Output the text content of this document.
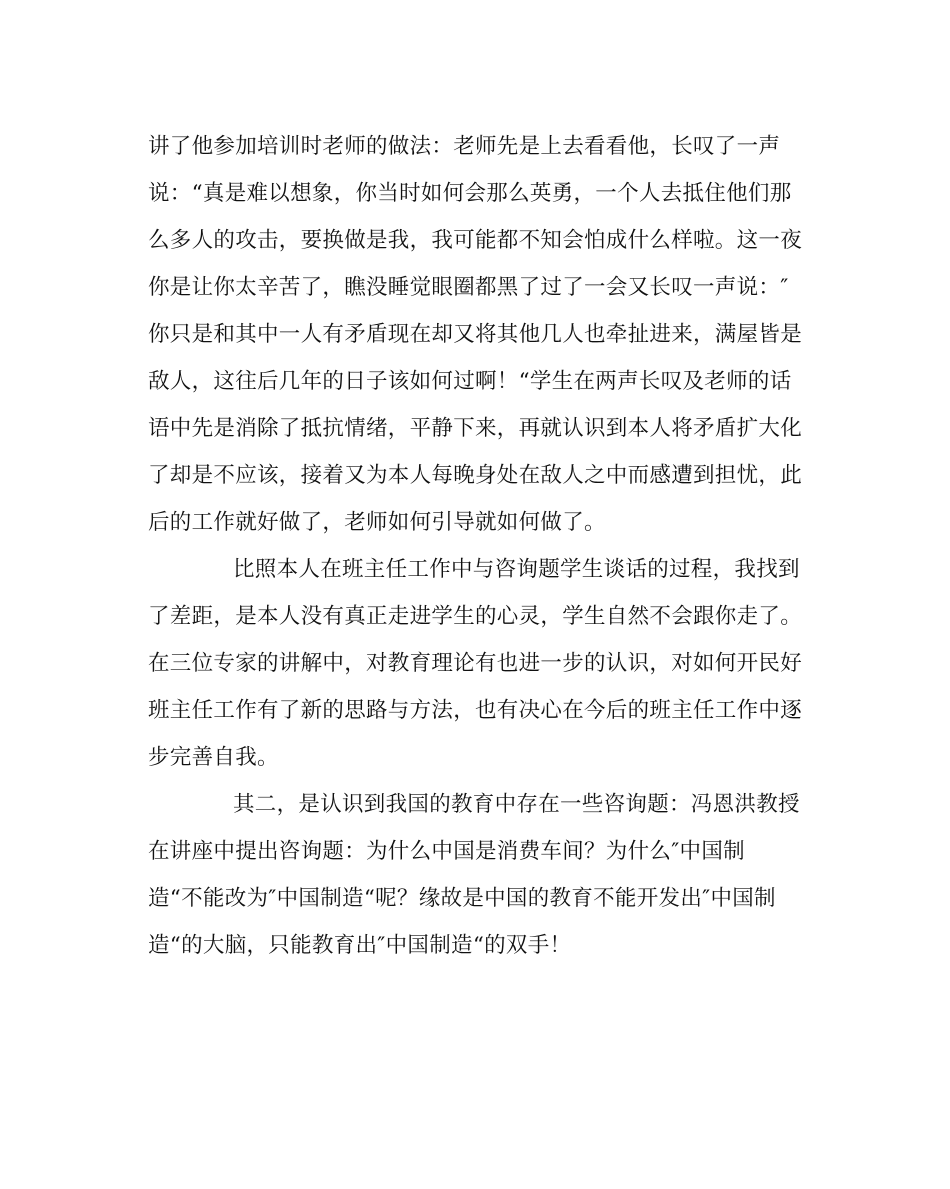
讲了他参加培训时老师的做法：老师先是上去看看他，长叹了一声
说：“真是难以想象，你当时如何会那么英勇，一个人去抵住他们那
么多人的攻击，要换做是我，我可能都不知会怕成什么样啦。这一夜
你是让你太辛苦了，瞧没睡觉眼圈都黑了过了一会又长叹一声说：″
你只是和其中一人有矛盾现在却又将其他几人也牵扯进来，满屋皆是
敌人，这往后几年的日子该如何过啊！“学生在两声长叹及老师的话
语中先是消除了抵抗情绪，平静下来，再就认识到本人将矛盾扩大化
了却是不应该，接着又为本人每晚身处在敌人之中而感遭到担忧，此
后的工作就好做了，老师如何引导就如何做了。
比照本人在班主任工作中与咨询题学生谈话的过程，我找到
了差距，是本人没有真正走进学生的心灵，学生自然不会跟你走了。
在三位专家的讲解中，对教育理论有也进一步的认识，对如何开民好
班主任工作有了新的思路与方法，也有决心在今后的班主任工作中逐
步完善自我。
其二，是认识到我国的教育中存在一些咨询题：冯恩洪教授
在讲座中提出咨询题：为什么中国是消费车间？为什么″中国制
造“不能改为″中国制造“呢？缘故是中国的教育不能开发出″中国制
造“的大脑，只能教育出″中国制造“的双手！
